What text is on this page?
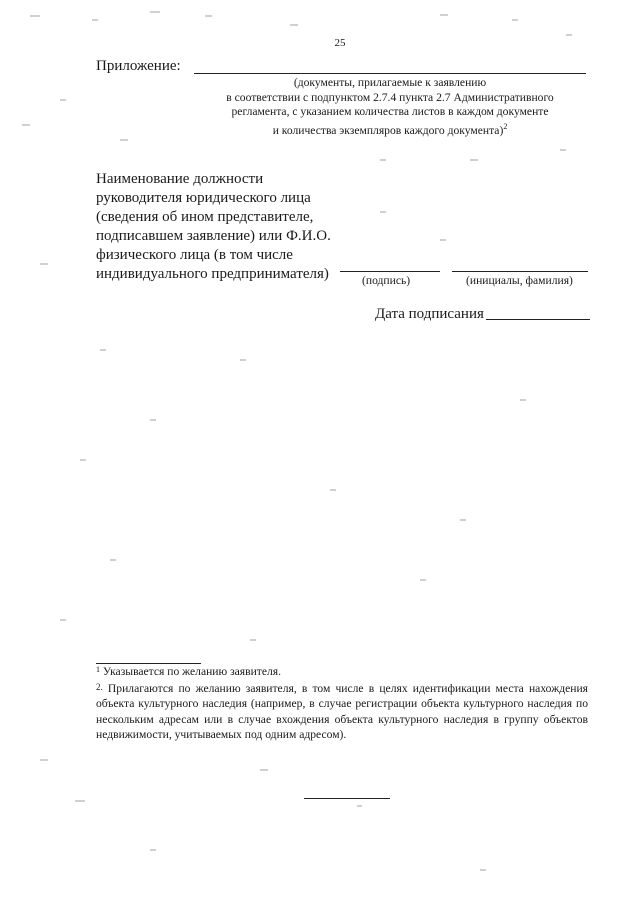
25
Приложение:
(документы, прилагаемые к заявлению
в соответствии с подпунктом 2.7.4 пункта 2.7 Административного
регламента, с указанием количества листов в каждом документе
и количества экземпляров каждого документа)$^2$
Наименование должности
руководителя юридического лица
(сведения об ином представителе,
подписавшем заявление) или Ф.И.О.
физического лица (в том числе
индивидуального предпринимателя)	(подпись)	(инициалы, фамилия)
Дата подписания
$^1$ Указывается по желанию заявителя.
2. Прилагаются по желанию заявителя, в том числе в целях идентификации места нахождения объекта культурного наследия (например, в случае регистрации объекта культурного наследия по нескольким адресам или в случае вхождения объекта культурного наследия в группу объектов недвижимости, учитываемых под одним адресом).
